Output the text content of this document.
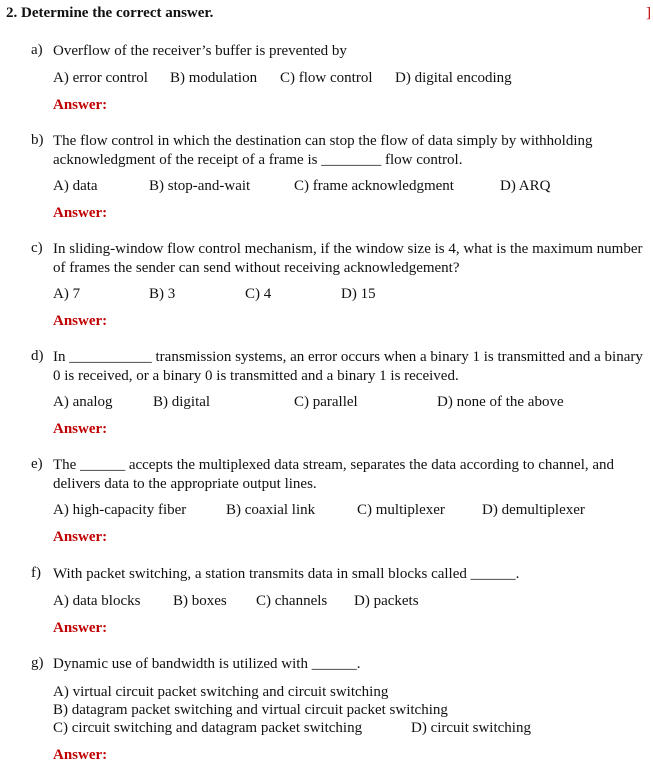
2. Determine the correct answer.	]
a) Overflow of the receiver’s buffer is prevented by
A) error control B) modulation C) flow control D) digital encoding
Answer:
b) The flow control in which the destination can stop the flow of data simply by withholding acknowledgment of the receipt of a frame is ________ flow control.
A) data	B) stop-and-wait	C) frame acknowledgment	D) ARQ
Answer:
c) In sliding-window flow control mechanism, if the window size is 4, what is the maximum number of frames the sender can send without receiving acknowledgement?
A) 7	B) 3	C) 4	D) 15
Answer:
d) In ___________ transmission systems, an error occurs when a binary 1 is transmitted and a binary 0 is received, or a binary 0 is transmitted and a binary 1 is received.
A) analog	B) digital	C) parallel	D) none of the above
Answer:
e) The ______ accepts the multiplexed data stream, separates the data according to channel, and delivers data to the appropriate output lines.
A) high-capacity fiber	B) coaxial link	C) multiplexer D) demultiplexer
Answer:
f) With packet switching, a station transmits data in small blocks called ______.
A) data blocks B) boxes C) channels D) packets
Answer:
g) Dynamic use of bandwidth is utilized with ______.
A) virtual circuit packet switching and circuit switching
B) datagram packet switching and virtual circuit packet switching
C) circuit switching and datagram packet switching	D) circuit switching
Answer:
